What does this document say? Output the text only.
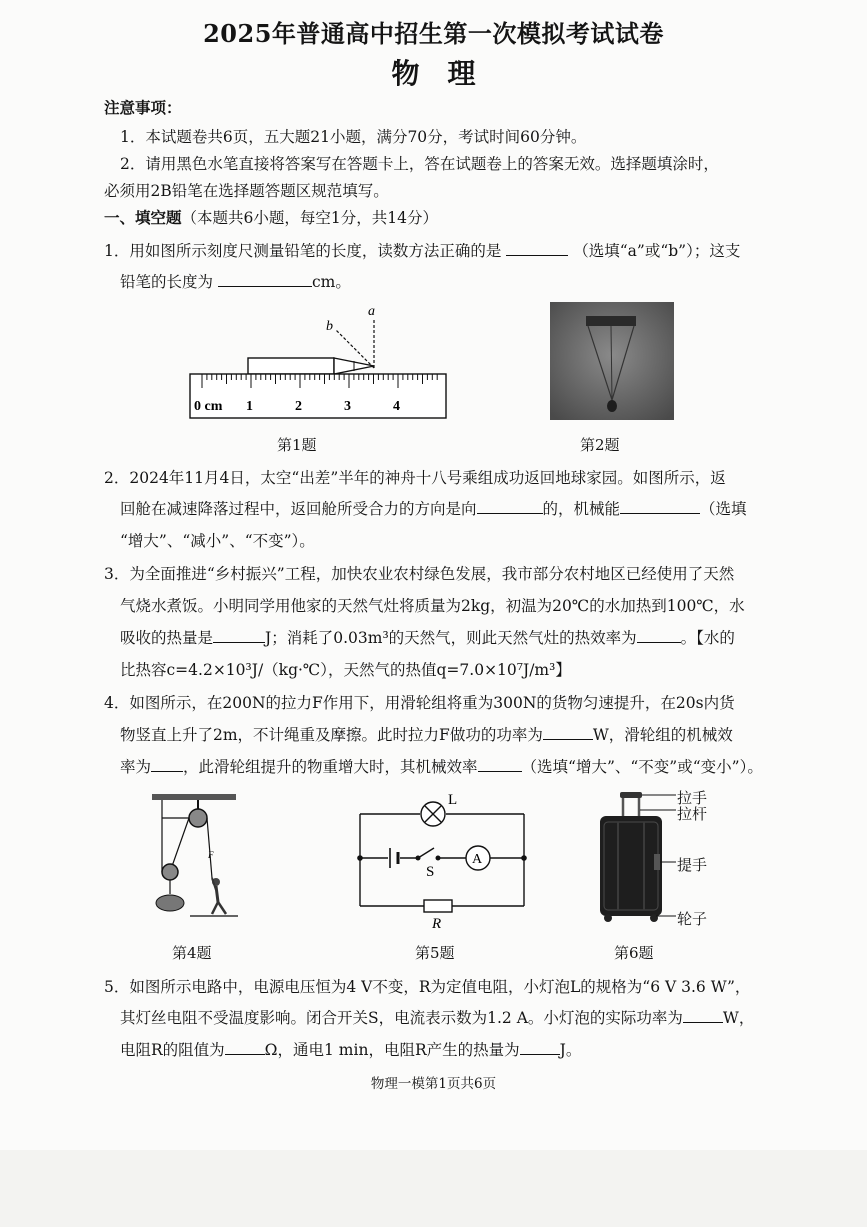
2025年普通高中招生第一次模拟考试试卷
物理
注意事项：
1．本试题卷共6页，五大题21小题，满分70分，考试时间60分钟。
2．请用黑色水笔直接将答案写在答题卡上，答在试题卷上的答案无效。选择题填涂时，
必须用2B铅笔在选择题答题区规范填写。
一、填空题（本题共6小题，每空1分，共14分）
1．用如图所示刻度尺测量铅笔的长度，读数方法正确的是	（选填“a”或“b”）；这支
铅笔的长度为	cm。
a
b
0 cm 1	2	3	4
第1题	第2题
2．2024年11月4日，太空“出差”半年的神舟十八号乘组成功返回地球家园。如图所示，返
回舱在减速降落过程中，返回舱所受合力的方向是向	的，机械能	（选填
“增大”、“减小”、“不变”）。
3．为全面推进“乡村振兴”工程，加快农业农村绿色发展，我市部分农村地区已经使用了天然
气烧水煮饭。小明同学用他家的天然气灶将质量为2kg，初温为20℃的水加热到100℃，水
吸收的热量是	J；消耗了0.03m³的天然气，则此天然气灶的热效率为	。【水的
比热容c=4.2×10³J/（kg·℃），天然气的热值q=7.0×10⁷J/m³】
4．如图所示，在200N的拉力F作用下，用滑轮组将重为300N的货物匀速提升，在20s内货
物竖直上升了2m，不计绳重及摩擦。此时拉力F做功的功率为	W，滑轮组的机械效
率为 ，此滑轮组提升的物重增大时，其机械效率	（选填“增大”、“不变”或“变小”）。
F
第4题
L
S
A
R
第5题
拉手
拉杆
提手
轮子
第6题
5．如图所示电路中，电源电压恒为4 V不变，R为定值电阻，小灯泡L的规格为“6 V 3.6 W”，
其灯丝电阻不受温度影响。闭合开关S，电流表示数为1.2 A。小灯泡的实际功率为	W，
电阻R的阻值为	Ω，通电1 min，电阻R产生的热量为	J。
物理一模第1页共6页
